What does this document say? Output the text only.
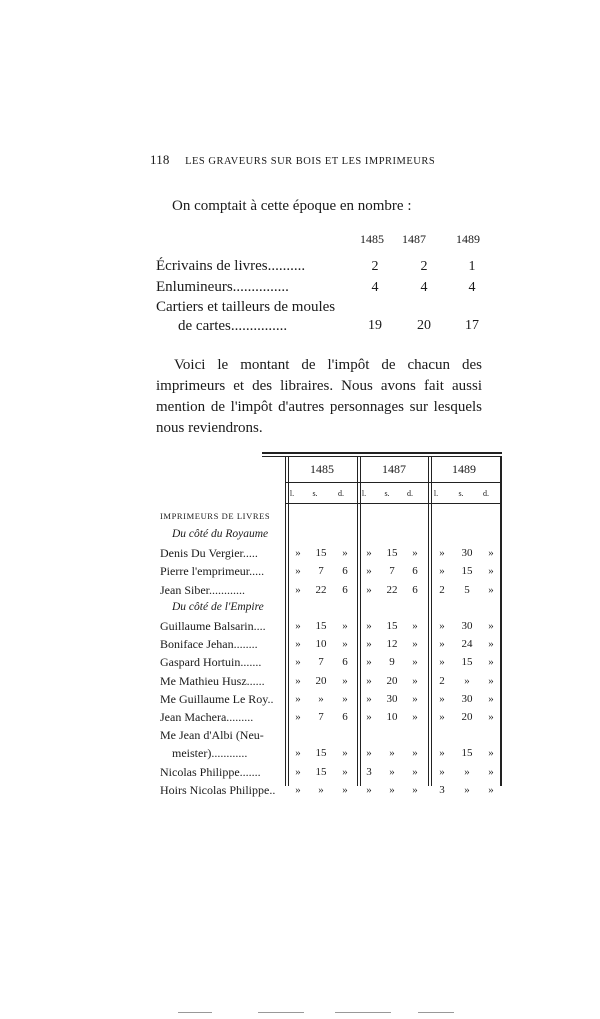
118 LES GRAVEURS SUR BOIS ET LES IMPRIMEURS
On comptait à cette époque en nombre :
1485 1487	1489
Écrivains de livres..........	2	2	1
Enlumineurs...............	4	4	4
Cartiers et tailleurs de moules
de cartes...............	19	20	17

Voici le montant de l'impôt de chacun des imprimeurs et des libraires. Nous avons fait aussi mention de l'impôt d'autres personnages sur lesquels nous reviendrons.

1485	1487	1489
l.	s.	d.	l.	s.	d.	l.	s.	d.
IMPRIMEURS DE LIVRES
Du côté du Royaume
Denis Du Vergier.....	»	15	»	»	15	»	»	30	»
Pierre l'emprimeur.....	»	7	6	»	7	6	»	15	»
Jean Siber............	»	22	6	»	22	6	2	5	»
Du côté de l'Empire
Guillaume Balsarin....	»	15	»	»	15	»	»	30	»
Boniface Jehan........	»	10	»	»	12	»	»	24	»
Gaspard Hortuin.......	»	7	6	»	9	»	»	15	»
Me Mathieu Husz......	»	20	»	»	20	»	2	»	»
Me Guillaume Le Roy..	»	»	»	»	30	»	»	30	»
Jean Machera.........	»	7	6	»	10	»	»	20	»
Me Jean d'Albi (Neu-
meister)............	»	15	»	»	»	»	»	15	»
Nicolas Philippe.......	»	15	»	3	»	»	»	»	»
Hoirs Nicolas Philippe..	»	»	»	»	»	»	3	»	»
